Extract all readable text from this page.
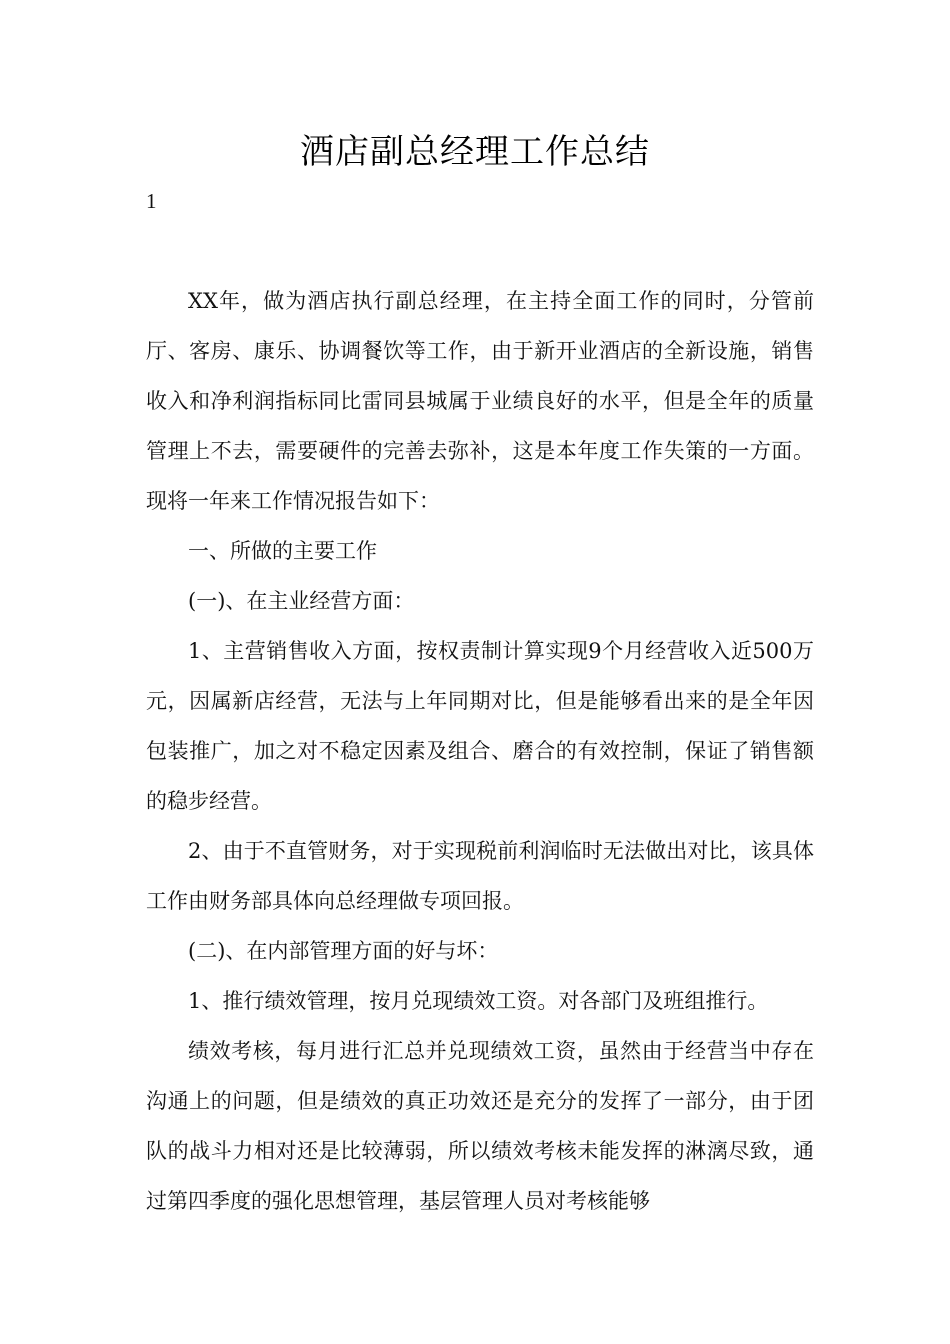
酒店副总经理工作总结
1

XX年，做为酒店执行副总经理，在主持全面工作的同时，分管前厅、客房、康乐、协调餐饮等工作，由于新开业酒店的全新设施，销售收入和净利润指标同比雷同县城属于业绩良好的水平，但是全年的质量管理上不去，需要硬件的完善去弥补，这是本年度工作失策的一方面。现将一年来工作情况报告如下：

一、所做的主要工作

(一)、在主业经营方面：

1、主营销售收入方面，按权责制计算实现9个月经营收入近500万元，因属新店经营，无法与上年同期对比，但是能够看出来的是全年因包装推广，加之对不稳定因素及组合、磨合的有效控制，保证了销售额的稳步经营。

2、由于不直管财务，对于实现税前利润临时无法做出对比，该具体工作由财务部具体向总经理做专项回报。

(二)、在内部管理方面的好与坏：

1、推行绩效管理，按月兑现绩效工资。对各部门及班组推行。

绩效考核，每月进行汇总并兑现绩效工资，虽然由于经营当中存在沟通上的问题，但是绩效的真正功效还是充分的发挥了一部分，由于团队的战斗力相对还是比较薄弱，所以绩效考核未能发挥的淋漓尽致，通过第四季度的强化思想管理，基层管理人员对考核能够
